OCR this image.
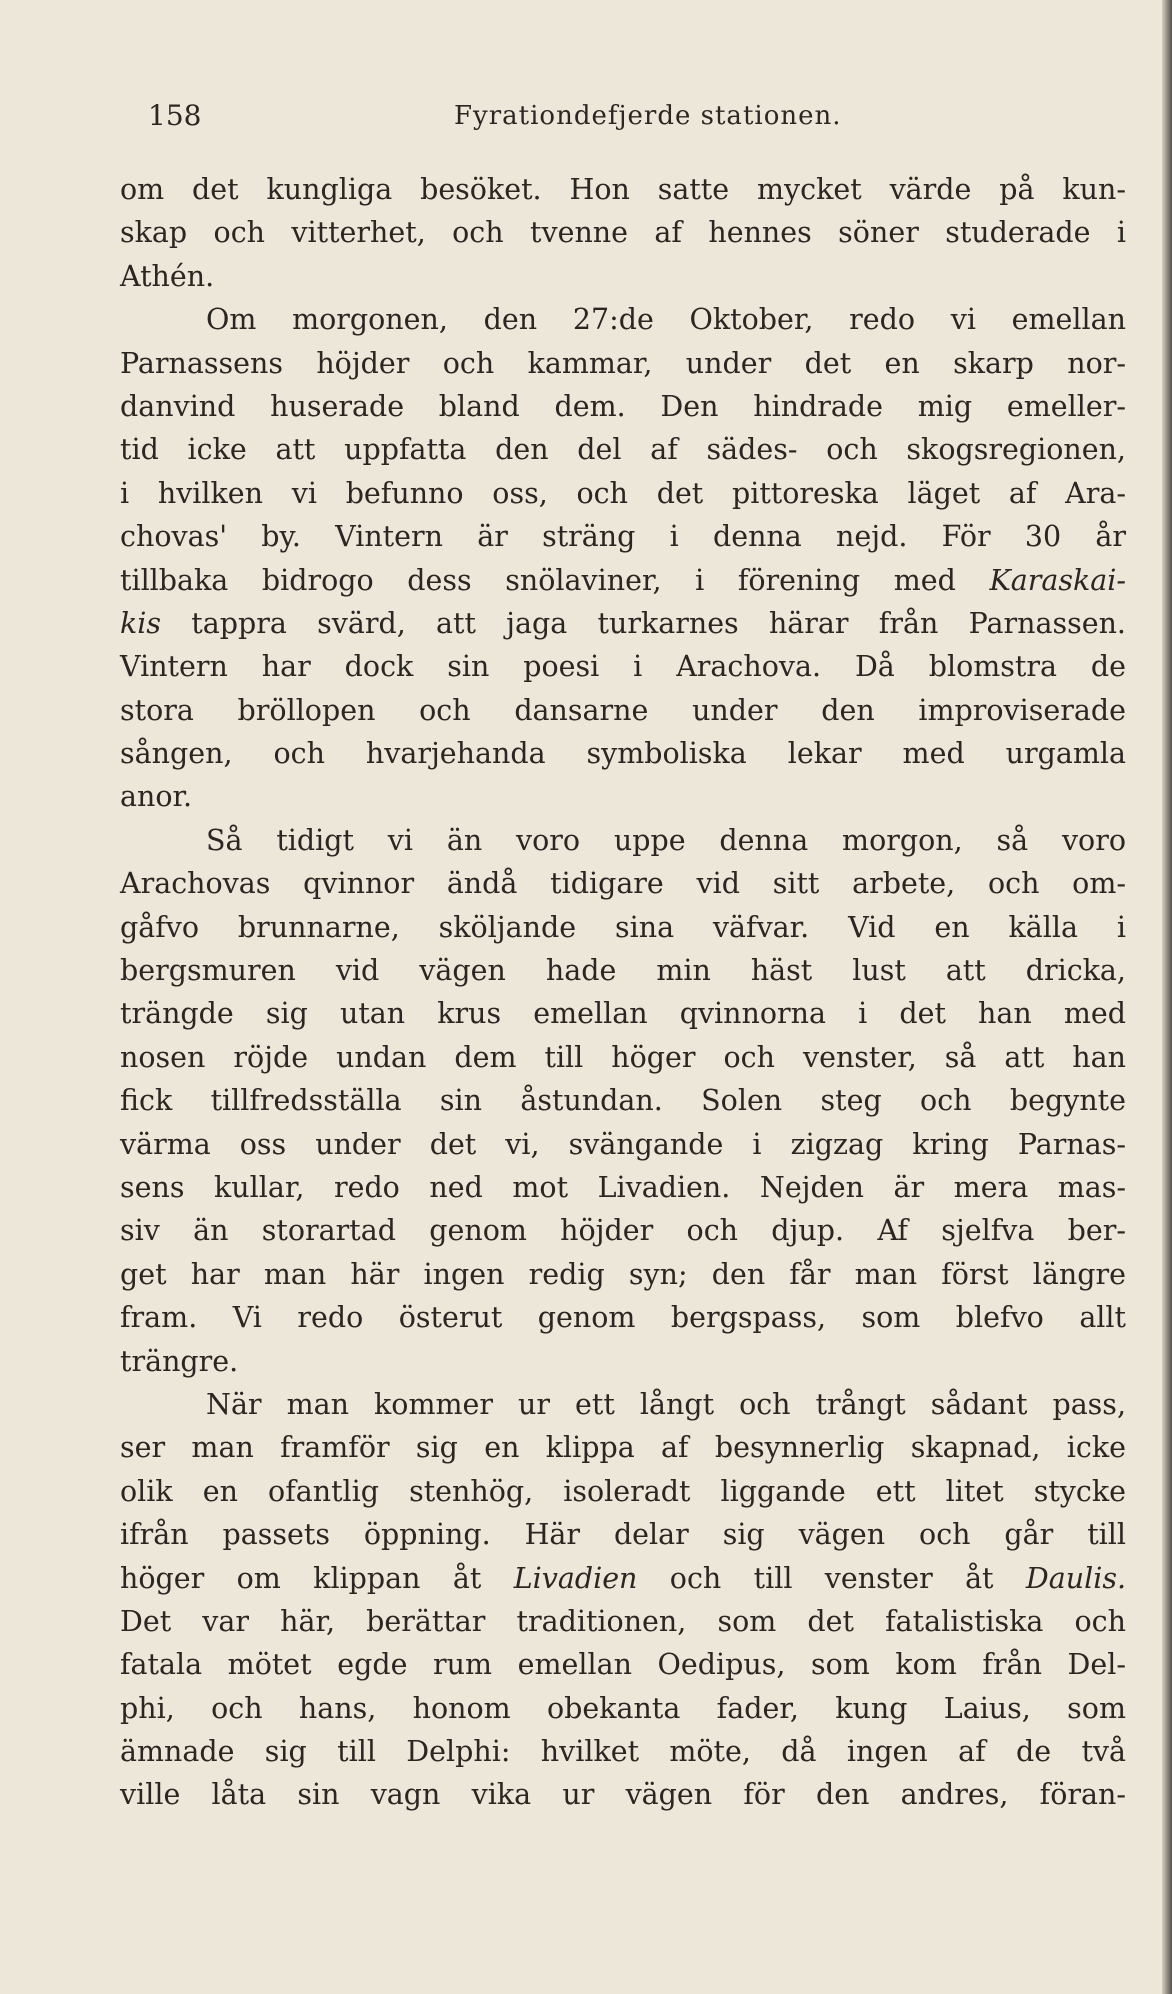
158	Fyrationdefjerde stationen.
om det kungliga besöket. Hon satte mycket värde på kun-
skap och vitterhet, och tvenne af hennes söner studerade i
Athén.
Om morgonen, den 27:de Oktober, redo vi emellan
Parnassens höjder och kammar, under det en skarp nor-
danvind huserade bland dem. Den hindrade mig emeller-
tid icke att uppfatta den del af sädes- och skogsregionen,
i hvilken vi befunno oss, och det pittoreska läget af Ara-
chovas' by. Vintern är sträng i denna nejd. För 30 år
tillbaka bidrogo dess snölaviner, i förening med Karaskai-
kis tappra svärd, att jaga turkarnes härar från Parnassen.
Vintern har dock sin poesi i Arachova. Då blomstra de
stora bröllopen och dansarne under den improviserade
sången, och hvarjehanda symboliska lekar med urgamla
anor.
Så tidigt vi än voro uppe denna morgon, så voro
Arachovas qvinnor ändå tidigare vid sitt arbete, och om-
gåfvo brunnarne, sköljande sina väfvar. Vid en källa i
bergsmuren vid vägen hade min häst lust att dricka,
trängde sig utan krus emellan qvinnorna i det han med
nosen röjde undan dem till höger och venster, så att han
fick tillfredsställa sin åstundan. Solen steg och begynte
värma oss under det vi, svängande i zigzag kring Parnas-
sens kullar, redo ned mot Livadien. Nejden är mera mas-
siv än storartad genom höjder och djup. Af sjelfva ber-
get har man här ingen redig syn; den får man först längre
fram. Vi redo österut genom bergspass, som blefvo allt
trängre.
När man kommer ur ett långt och trångt sådant pass,
ser man framför sig en klippa af besynnerlig skapnad, icke
olik en ofantlig stenhög, isoleradt liggande ett litet stycke
ifrån passets öppning. Här delar sig vägen och går till
höger om klippan åt Livadien och till venster åt Daulis.
Det var här, berättar traditionen, som det fatalistiska och
fatala mötet egde rum emellan Oedipus, som kom från Del-
phi, och hans, honom obekanta fader, kung Laius, som
ämnade sig till Delphi: hvilket möte, då ingen af de två
ville låta sin vagn vika ur vägen för den andres, föran-
